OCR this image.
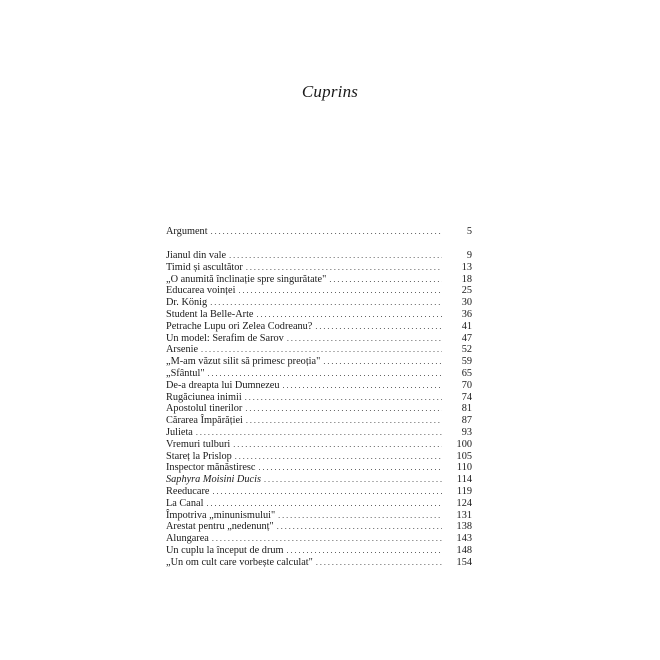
Cuprins
Argument . . .	5
Jianul din vale . . .	9
Timid și ascultător . . .	13
„O anumită înclinație spre singurătate" . . .	18
Educarea voinței . . .	25
Dr. König . . .	30
Student la Belle-Arte . . .	36
Petrache Lupu ori Zelea Codreanu? . . .	41
Un model: Serafim de Sarov . . .	47
Arsenie . . .	52
„M-am văzut silit să primesc preoția" . . .	59
„Sfântul" . . .	65
De-a dreapta lui Dumnezeu . . .	70
Rugăciunea inimii . . .	74
Apostolul tinerilor . . .	81
Cărarea Împărăției . . .	87
Julieta . . .	93
Vremuri tulburi . . .	100
Stareț la Prislop . . .	105
Inspector mănăstiresc . . .	110
Saphyra Moisini Ducis . . .	114
Reeducare . . .	119
La Canal . . .	124
Împotriva „minunismului" . . .	131
Arestat pentru „nedenunț" . . .	138
Alungarea . . .	143
Un cuplu la început de drum . . .	148
„Un om cult care vorbește calculat" . . .	154
